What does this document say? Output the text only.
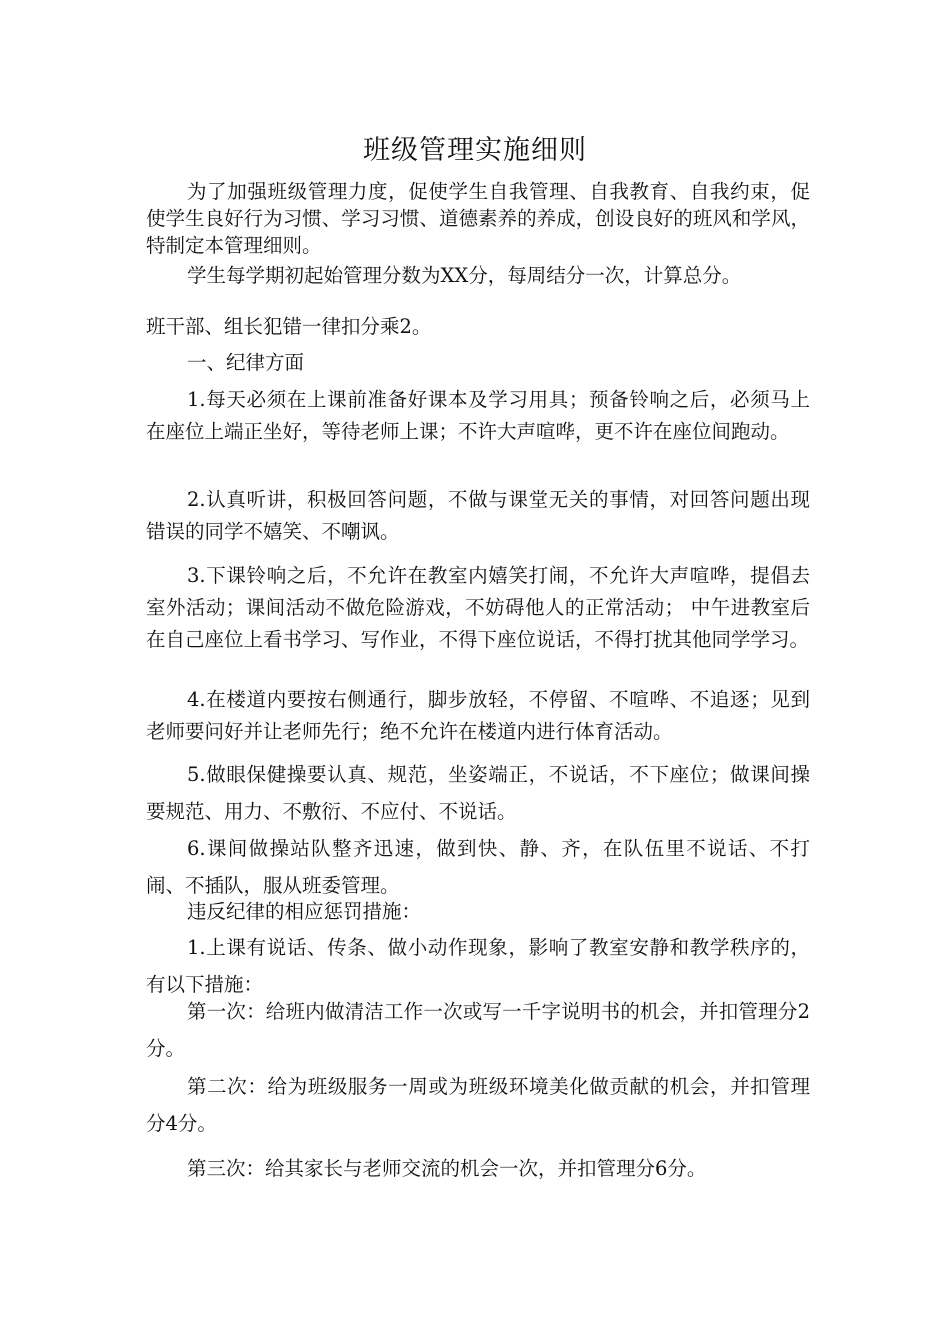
班级管理实施细则

为了加强班级管理力度，促使学生自我管理、自我教育、自我约束，促使学生良好行为习惯、学习习惯、道德素养的养成，创设良好的班风和学风，特制定本管理细则。

学生每学期初起始管理分数为XX分，每周结分一次，计算总分。

班干部、组长犯错一律扣分乘2。

一、纪律方面

1.每天必须在上课前准备好课本及学习用具；预备铃响之后，必须马上在座位上端正坐好，等待老师上课；不许大声喧哗，更不许在座位间跑动。

2.认真听讲，积极回答问题，不做与课堂无关的事情，对回答问题出现错误的同学不嬉笑、不嘲讽。

3.下课铃响之后，不允许在教室内嬉笑打闹，不允许大声喧哗，提倡去室外活动；课间活动不做危险游戏，不妨碍他人的正常活动； 中午进教室后在自己座位上看书学习、写作业，不得下座位说话，不得打扰其他同学学习。

4.在楼道内要按右侧通行，脚步放轻，不停留、不喧哗、不追逐；见到老师要问好并让老师先行；绝不允许在楼道内进行体育活动。

5.做眼保健操要认真、规范，坐姿端正，不说话，不下座位；做课间操要规范、用力、不敷衍、不应付、不说话。

6.课间做操站队整齐迅速，做到快、静、齐，在队伍里不说话、不打闹、不插队，服从班委管理。

违反纪律的相应惩罚措施：

1.上课有说话、传条、做小动作现象，影响了教室安静和教学秩序的，有以下措施：

第一次：给班内做清洁工作一次或写一千字说明书的机会，并扣管理分2分。

第二次：给为班级服务一周或为班级环境美化做贡献的机会，并扣管理分4分。

第三次：给其家长与老师交流的机会一次，并扣管理分6分。
